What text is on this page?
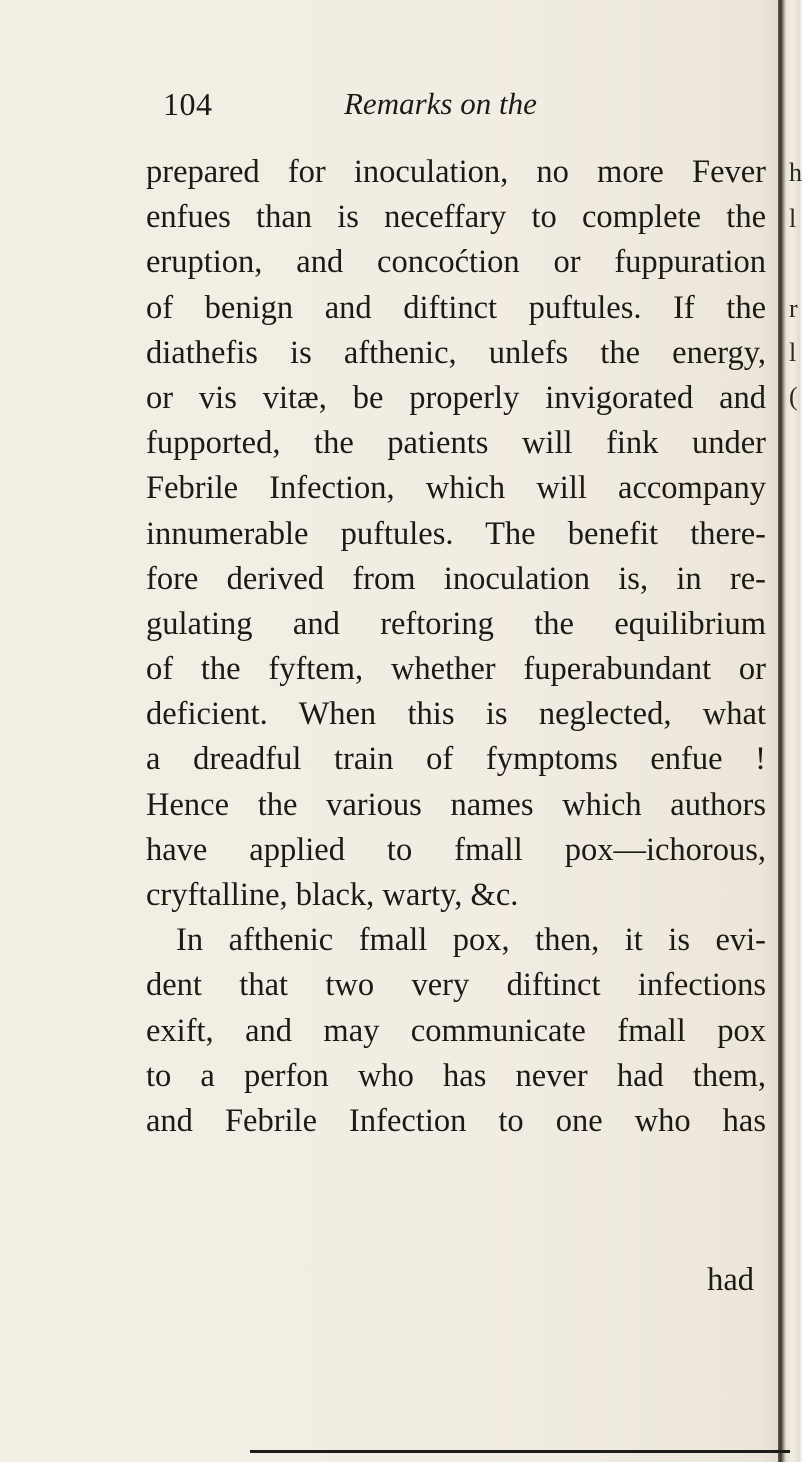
104	Remarks on the
prepared for inoculation, no more Fever
enfues than is neceffary to complete the
eruption, and concoćtion or fuppuration
of benign and diftinct puftules. If the
diathefis is afthenic, unlefs the energy,
or vis vitæ, be properly invigorated and
fupported, the patients will fink under
Febrile Infection, which will accompany
innumerable puftules. The benefit there-
fore derived from inoculation is, in re-
gulating and reftoring the equilibrium
of the fyftem, whether fuperabundant or
deficient. When this is neglected, what
a dreadful train of fymptoms enfue !
Hence the various names which authors
have applied to fmall pox—ichorous,
cryftalline, black, warty, &c.
In afthenic fmall pox, then, it is evi-
dent that two very diftinct infections
exift, and may communicate fmall pox
to a perfon who has never had them,
and Febrile Infection to one who has
had
h
l
r
l
(
